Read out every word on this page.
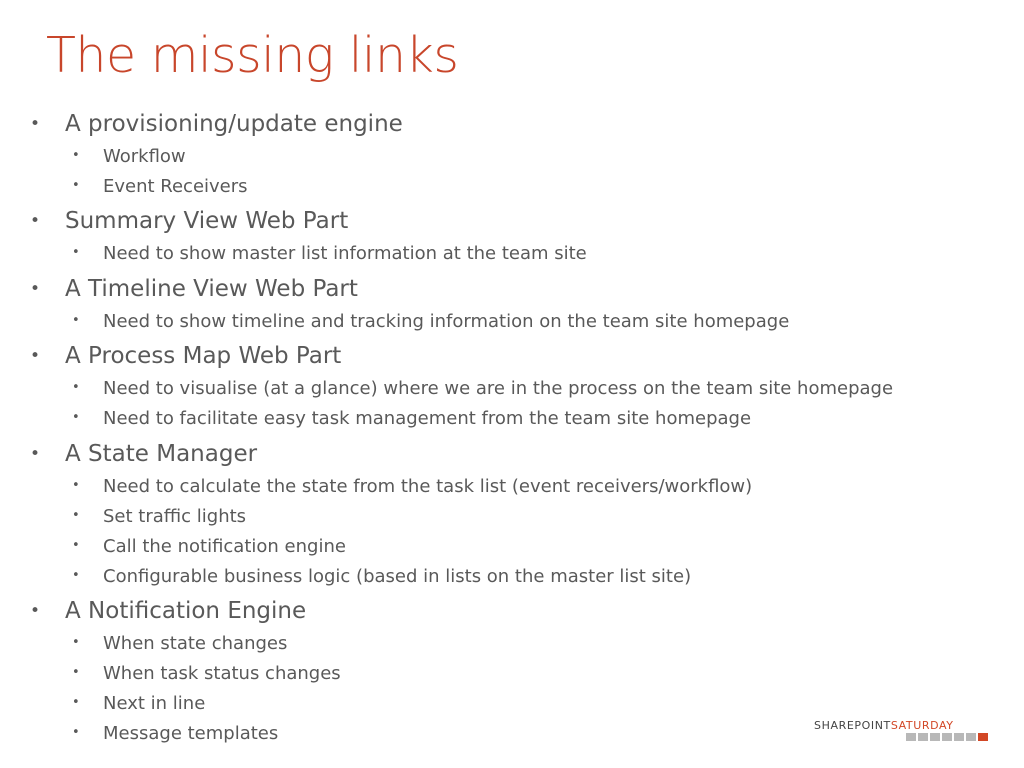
The missing links
• A provisioning/update engine
• Workflow
• Event Receivers
• Summary View Web Part
• Need to show master list information at the team site
• A Timeline View Web Part
• Need to show timeline and tracking information on the team site homepage
• A Process Map Web Part
• Need to visualise (at a glance) where we are in the process on the team site homepage
• Need to facilitate easy task management from the team site homepage
• A State Manager
• Need to calculate the state from the task list (event receivers/workflow)
• Set traffic lights
• Call the notification engine
• Configurable business logic (based in lists on the master list site)
• A Notification Engine
• When state changes
• When task status changes
• Next in line
• Message templates	SHAREPOINTSATURDAY
